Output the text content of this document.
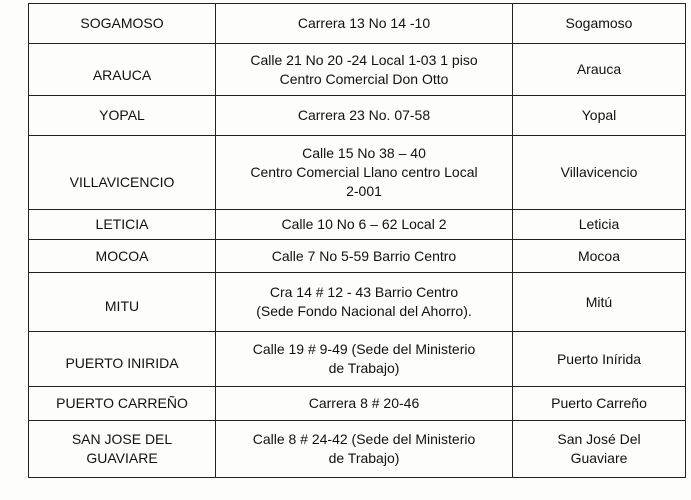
SOGAMOSO	Carrera 13 No 14 -10	Sogamoso

ARAUCA	Calle 21 No 20 -24 Local 1-03 1 piso
Centro Comercial Don Otto	Arauca

YOPAL	Carrera 23 No. 07-58	Yopal

VILLAVICENCIO	Calle 15 No 38 – 40
Centro Comercial Llano centro Local
2-001	Villavicencio

LETICIA	Calle 10 No 6 – 62 Local 2	Leticia

MOCOA	Calle 7 No 5-59 Barrio Centro	Mocoa

MITU	Cra 14 # 12 - 43 Barrio Centro
(Sede Fondo Nacional del Ahorro).	Mitú

PUERTO INIRIDA	Calle 19 # 9-49 (Sede del Ministerio
de Trabajo)	Puerto Inírida

PUERTO CARREÑO	Carrera 8 # 20-46	Puerto Carreño

SAN JOSE DEL
GUAVIARE	Calle 8 # 24-42 (Sede del Ministerio
de Trabajo)	San José Del
Guaviare
